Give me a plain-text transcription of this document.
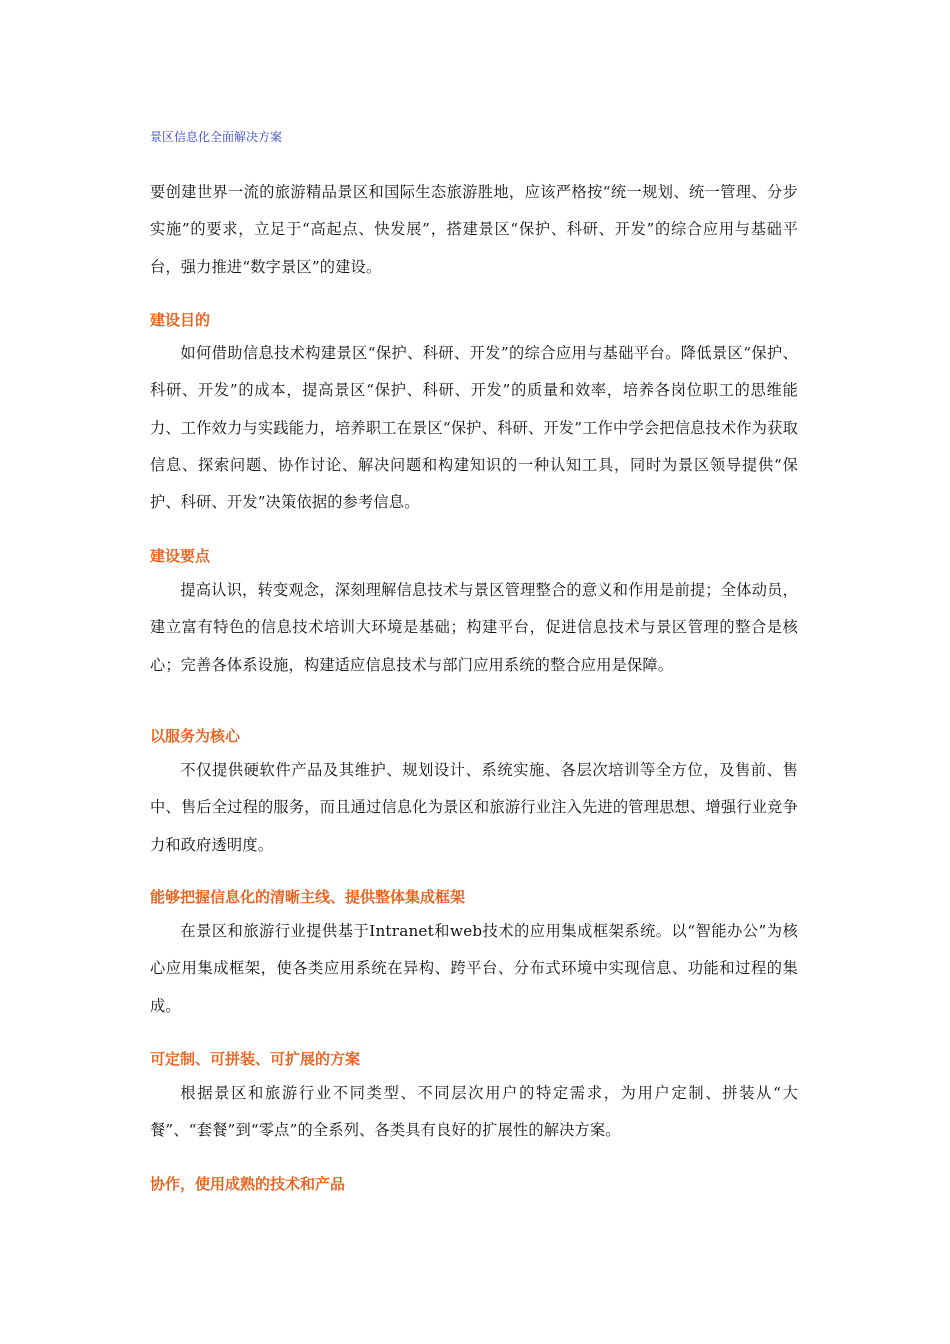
景区信息化全面解决方案

要创建世界一流的旅游精品景区和国际生态旅游胜地，应该严格按“统一规划、统一管理、分步实施”的要求，立足于“高起点、快发展”，搭建景区“保护、科研、开发”的综合应用与基础平台，强力推进“数字景区”的建设。

建设目的

如何借助信息技术构建景区“保护、科研、开发”的综合应用与基础平台。降低景区“保护、科研、开发”的成本，提高景区“保护、科研、开发”的质量和效率，培养各岗位职工的思维能力、工作效力与实践能力，培养职工在景区“保护、科研、开发”工作中学会把信息技术作为获取信息、探索问题、协作讨论、解决问题和构建知识的一种认知工具，同时为景区领导提供“保护、科研、开发”决策依据的参考信息。

建设要点

提高认识，转变观念，深刻理解信息技术与景区管理整合的意义和作用是前提；全体动员，建立富有特色的信息技术培训大环境是基础；构建平台，促进信息技术与景区管理的整合是核心；完善各体系设施，构建适应信息技术与部门应用系统的整合应用是保障。

以服务为核心

不仅提供硬软件产品及其维护、规划设计、系统实施、各层次培训等全方位，及售前、售中、售后全过程的服务，而且通过信息化为景区和旅游行业注入先进的管理思想、增强行业竞争力和政府透明度。

能够把握信息化的清晰主线、提供整体集成框架

在景区和旅游行业提供基于Intranet和web技术的应用集成框架系统。以“智能办公”为核心应用集成框架，使各类应用系统在异构、跨平台、分布式环境中实现信息、功能和过程的集成。

可定制、可拼装、可扩展的方案

根据景区和旅游行业不同类型、不同层次用户的特定需求，为用户定制、拼装从“大餐”、“套餐”到“零点”的全系列、各类具有良好的扩展性的解决方案。

协作，使用成熟的技术和产品
